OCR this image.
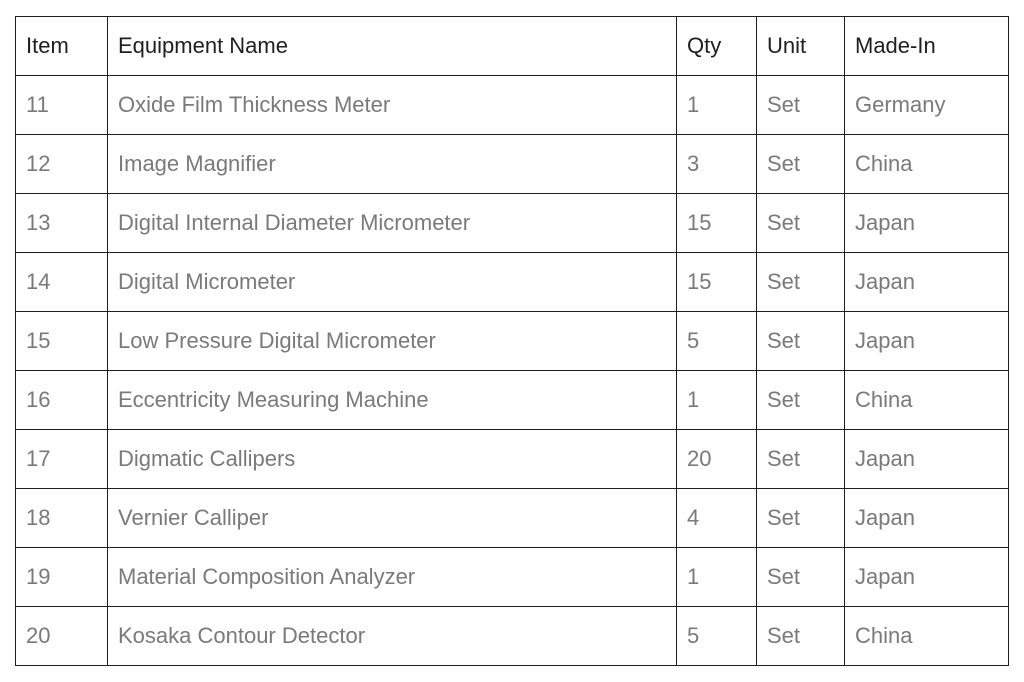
Item	Equipment Name	Qty	Unit	Made-In
11	Oxide Film Thickness Meter	1	Set	Germany
12	Image Magnifier	3	Set	China
13	Digital Internal Diameter Micrometer	15	Set	Japan
14	Digital Micrometer	15	Set	Japan
15	Low Pressure Digital Micrometer	5	Set	Japan
16	Eccentricity Measuring Machine	1	Set	China
17	Digmatic Callipers	20	Set	Japan
18	Vernier Calliper	4	Set	Japan
19	Material Composition Analyzer	1	Set	Japan
20	Kosaka Contour Detector	5	Set	China
